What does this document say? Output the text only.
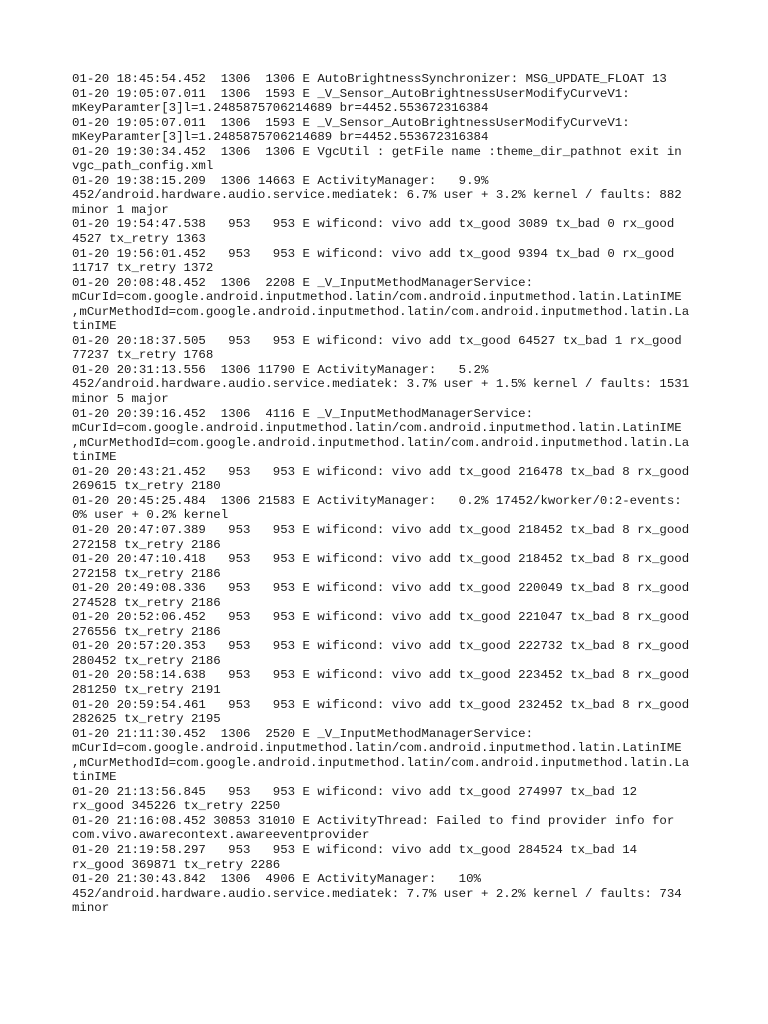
01-20 18:45:54.452  1306  1306 E AutoBrightnessSynchronizer: MSG_UPDATE_FLOAT 13
01-20 19:05:07.011  1306  1593 E _V_Sensor_AutoBrightnessUserModifyCurveV1:
mKeyParamter[3]l=1.2485875706214689 br=4452.553672316384
01-20 19:05:07.011  1306  1593 E _V_Sensor_AutoBrightnessUserModifyCurveV1:
mKeyParamter[3]l=1.2485875706214689 br=4452.553672316384
01-20 19:30:34.452  1306  1306 E VgcUtil : getFile name :theme_dir_pathnot exit in
vgc_path_config.xml
01-20 19:38:15.209  1306 14663 E ActivityManager:   9.9%
452/android.hardware.audio.service.mediatek: 6.7% user + 3.2% kernel / faults: 882
minor 1 major
01-20 19:54:47.538   953   953 E wificond: vivo add tx_good 3089 tx_bad 0 rx_good
4527 tx_retry 1363
01-20 19:56:01.452   953   953 E wificond: vivo add tx_good 9394 tx_bad 0 rx_good
11717 tx_retry 1372
01-20 20:08:48.452  1306  2208 E _V_InputMethodManagerService:
mCurId=com.google.android.inputmethod.latin/com.android.inputmethod.latin.LatinIME
,mCurMethodId=com.google.android.inputmethod.latin/com.android.inputmethod.latin.La
tinIME
01-20 20:18:37.505   953   953 E wificond: vivo add tx_good 64527 tx_bad 1 rx_good
77237 tx_retry 1768
01-20 20:31:13.556  1306 11790 E ActivityManager:   5.2%
452/android.hardware.audio.service.mediatek: 3.7% user + 1.5% kernel / faults: 1531
minor 5 major
01-20 20:39:16.452  1306  4116 E _V_InputMethodManagerService:
mCurId=com.google.android.inputmethod.latin/com.android.inputmethod.latin.LatinIME
,mCurMethodId=com.google.android.inputmethod.latin/com.android.inputmethod.latin.La
tinIME
01-20 20:43:21.452   953   953 E wificond: vivo add tx_good 216478 tx_bad 8 rx_good
269615 tx_retry 2180
01-20 20:45:25.484  1306 21583 E ActivityManager:   0.2% 17452/kworker/0:2-events:
0% user + 0.2% kernel
01-20 20:47:07.389   953   953 E wificond: vivo add tx_good 218452 tx_bad 8 rx_good
272158 tx_retry 2186
01-20 20:47:10.418   953   953 E wificond: vivo add tx_good 218452 tx_bad 8 rx_good
272158 tx_retry 2186
01-20 20:49:08.336   953   953 E wificond: vivo add tx_good 220049 tx_bad 8 rx_good
274528 tx_retry 2186
01-20 20:52:06.452   953   953 E wificond: vivo add tx_good 221047 tx_bad 8 rx_good
276556 tx_retry 2186
01-20 20:57:20.353   953   953 E wificond: vivo add tx_good 222732 tx_bad 8 rx_good
280452 tx_retry 2186
01-20 20:58:14.638   953   953 E wificond: vivo add tx_good 223452 tx_bad 8 rx_good
281250 tx_retry 2191
01-20 20:59:54.461   953   953 E wificond: vivo add tx_good 232452 tx_bad 8 rx_good
282625 tx_retry 2195
01-20 21:11:30.452  1306  2520 E _V_InputMethodManagerService:
mCurId=com.google.android.inputmethod.latin/com.android.inputmethod.latin.LatinIME
,mCurMethodId=com.google.android.inputmethod.latin/com.android.inputmethod.latin.La
tinIME
01-20 21:13:56.845   953   953 E wificond: vivo add tx_good 274997 tx_bad 12
rx_good 345226 tx_retry 2250
01-20 21:16:08.452 30853 31010 E ActivityThread: Failed to find provider info for
com.vivo.awarecontext.awareeventprovider
01-20 21:19:58.297   953   953 E wificond: vivo add tx_good 284524 tx_bad 14
rx_good 369871 tx_retry 2286
01-20 21:30:43.842  1306  4906 E ActivityManager:   10%
452/android.hardware.audio.service.mediatek: 7.7% user + 2.2% kernel / faults: 734
minor
